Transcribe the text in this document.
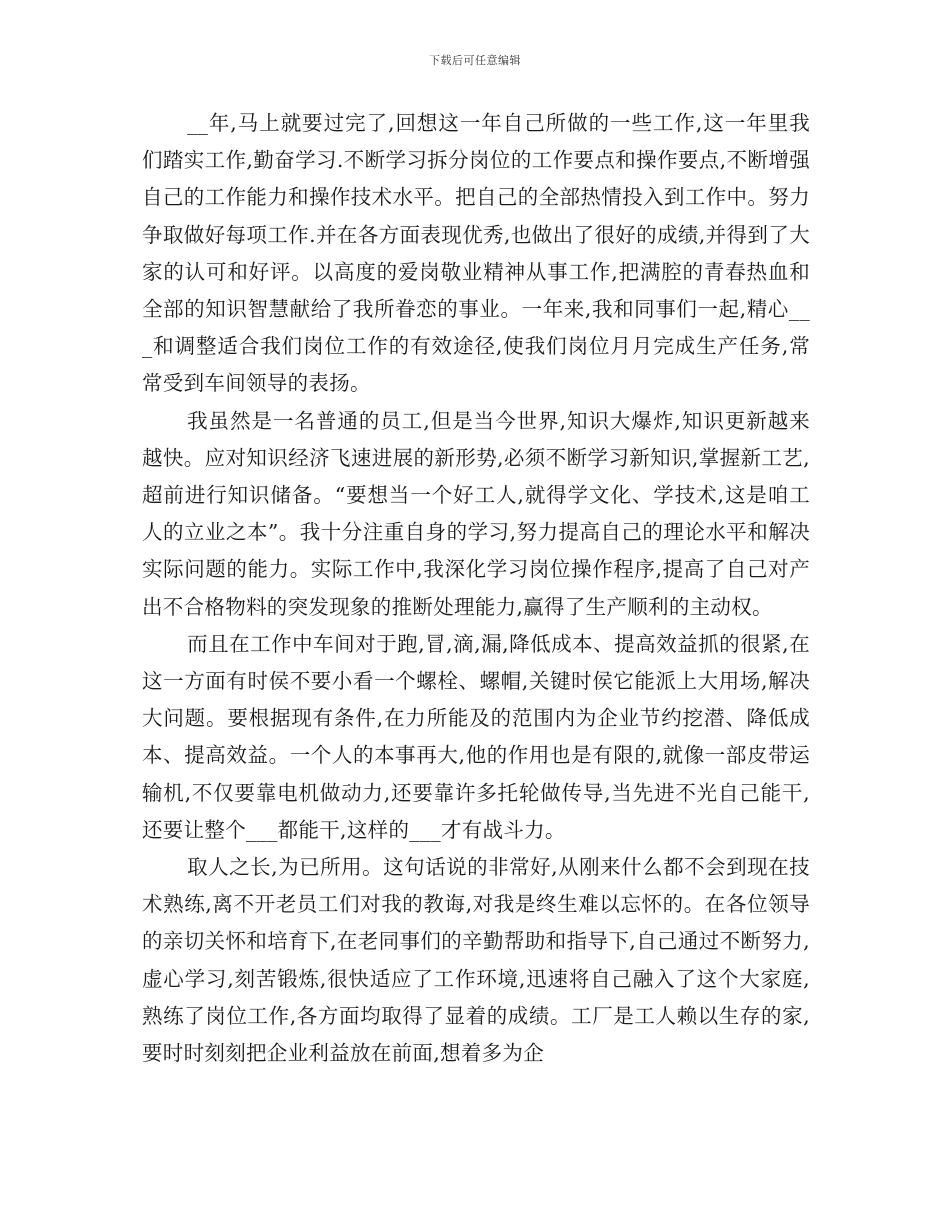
下载后可任意编辑

__年,马上就要过完了,回想这一年自己所做的一些工作,这一年里我们踏实工作,勤奋学习.不断学习拆分岗位的工作要点和操作要点,不断增强自己的工作能力和操作技术水平。把自己的全部热情投入到工作中。努力争取做好每项工作.并在各方面表现优秀,也做出了很好的成绩,并得到了大家的认可和好评。以高度的爱岗敬业精神从事工作,把满腔的青春热血和全部的知识智慧献给了我所眷恋的事业。一年来,我和同事们一起,精心___和调整适合我们岗位工作的有效途径,使我们岗位月月完成生产任务,常常受到车间领导的表扬。

我虽然是一名普通的员工,但是当今世界,知识大爆炸,知识更新越来越快。应对知识经济飞速进展的新形势,必须不断学习新知识,掌握新工艺,超前进行知识储备。“要想当一个好工人,就得学文化、学技术,这是咱工人的立业之本”。我十分注重自身的学习,努力提高自己的理论水平和解决实际问题的能力。实际工作中,我深化学习岗位操作程序,提高了自己对产出不合格物料的突发现象的推断处理能力,赢得了生产顺利的主动权。

而且在工作中车间对于跑,冒,滴,漏,降低成本、提高效益抓的很紧,在这一方面有时侯不要小看一个螺栓、螺帽,关键时侯它能派上大用场,解决大问题。要根据现有条件,在力所能及的范围内为企业节约挖潜、降低成本、提高效益。一个人的本事再大,他的作用也是有限的,就像一部皮带运输机,不仅要靠电机做动力,还要靠许多托轮做传导,当先进不光自己能干,还要让整个___都能干,这样的___才有战斗力。

取人之长,为已所用。这句话说的非常好,从刚来什么都不会到现在技术熟练,离不开老员工们对我的教诲,对我是终生难以忘怀的。在各位领导的亲切关怀和培育下,在老同事们的辛勤帮助和指导下,自己通过不断努力,虚心学习,刻苦锻炼,很快适应了工作环境,迅速将自己融入了这个大家庭,熟练了岗位工作,各方面均取得了显着的成绩。工厂是工人赖以生存的家,要时时刻刻把企业利益放在前面,想着多为企
